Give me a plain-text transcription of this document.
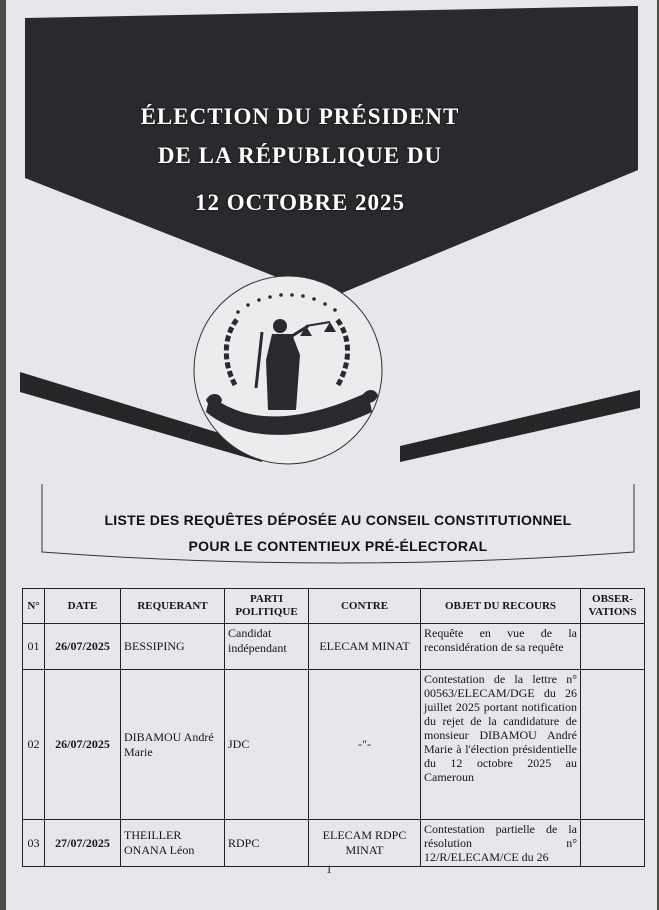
ÉLECTION DU PRÉSIDENT
DE LA RÉPUBLIQUE DU
12 OCTOBRE 2025
LISTE DES REQUÊTES DÉPOSÉE AU CONSEIL CONSTITUTIONNEL
POUR LE CONTENTIEUX PRÉ-ÉLECTORAL
N°	DATE	REQUERANT	PARTI POLITIQUE	CONTRE	OBJET DU RECOURS	OBSER-VATIONS
01	26/07/2025	BESSIPING	Candidat indépendant	ELECAM MINAT	Requête en vue de la reconsidération de sa requête	
02	26/07/2025	DIBAMOU André Marie	JDC	-"-	Contestation de la lettre n° 00563/ELECAM/DGE du 26 juillet 2025 portant notification du rejet de la candidature de monsieur DIBAMOU André Marie à l'élection présidentielle du 12 octobre 2025 au Cameroun	
03	27/07/2025	THEILLER ONANA Léon	RDPC	ELECAM RDPC MINAT	Contestation partielle de la résolution n° 12/R/ELECAM/CE du 26	
1
